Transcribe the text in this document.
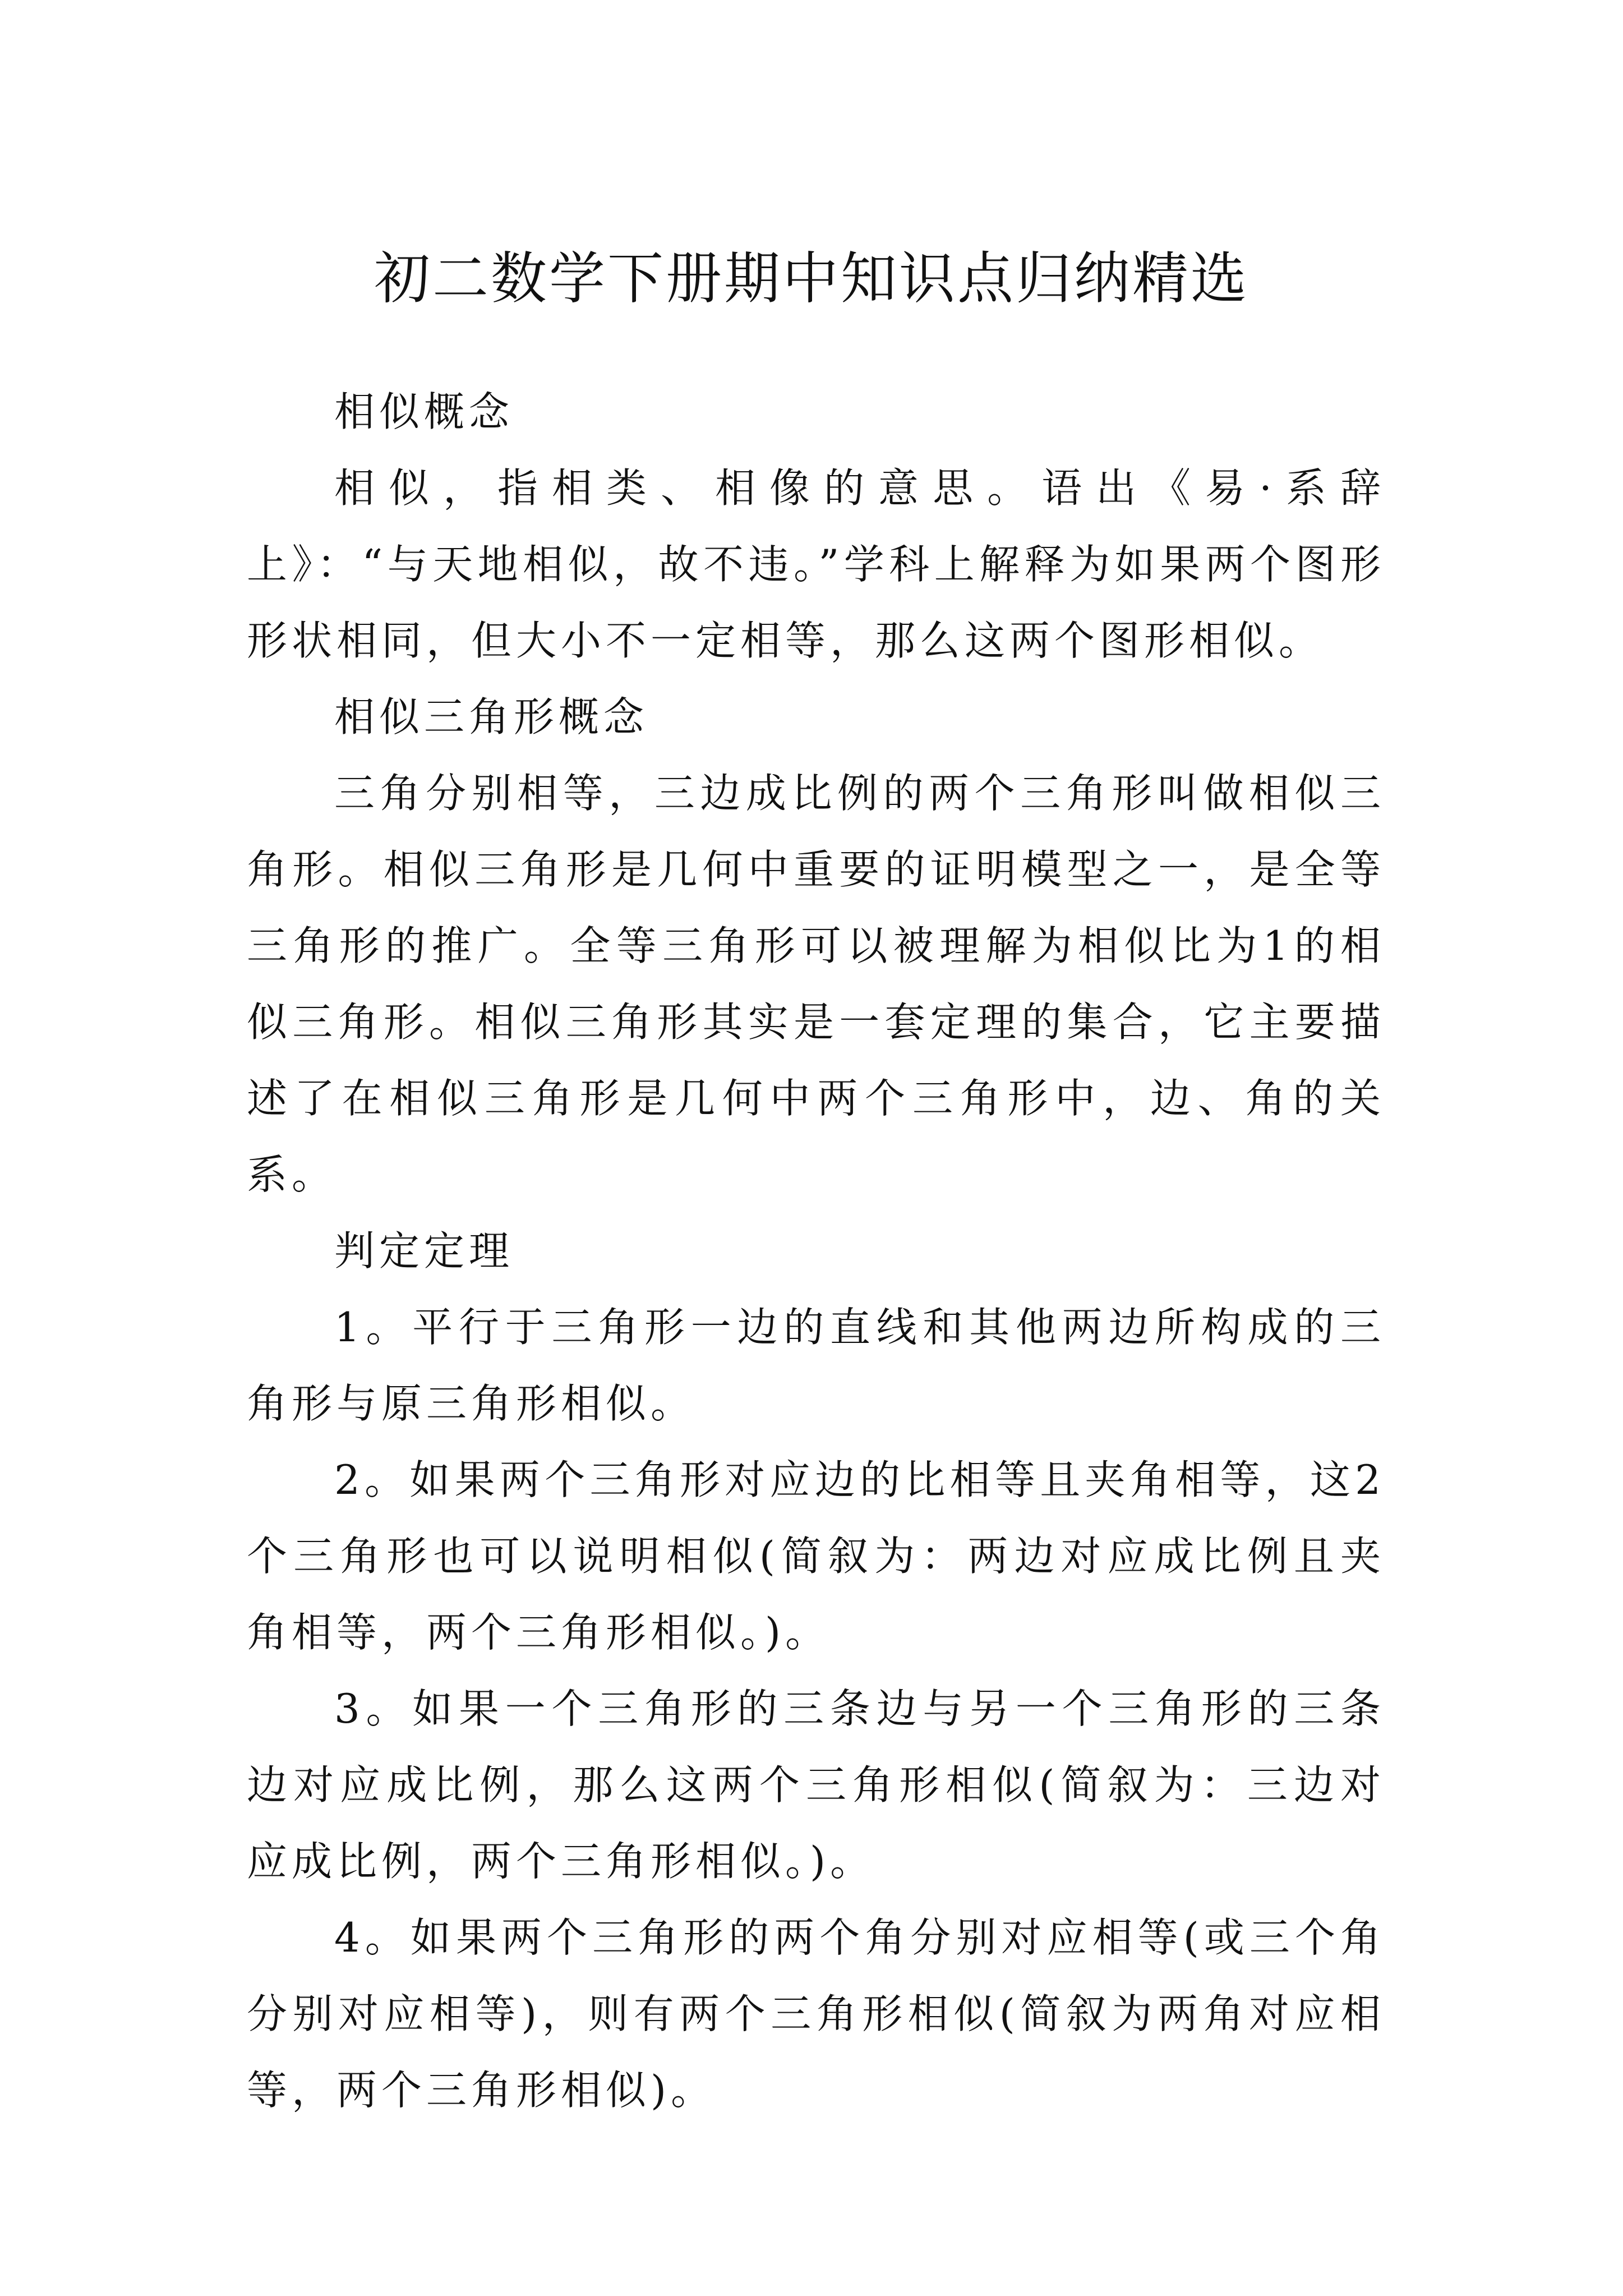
初二数学下册期中知识点归纳精选

相似概念

相似，指相类、相像的意思。语出《易·系辞上》：“与天地相似，故不违。”学科上解释为如果两个图形形状相同，但大小不一定相等，那么这两个图形相似。

相似三角形概念

三角分别相等，三边成比例的两个三角形叫做相似三角形。相似三角形是几何中重要的证明模型之一，是全等三角形的推广。全等三角形可以被理解为相似比为1的相似三角形。相似三角形其实是一套定理的集合，它主要描述了在相似三角形是几何中两个三角形中，边、角的关系。

判定定理

1。平行于三角形一边的直线和其他两边所构成的三角形与原三角形相似。

2。如果两个三角形对应边的比相等且夹角相等，这2个三角形也可以说明相似(简叙为：两边对应成比例且夹角相等，两个三角形相似。)。

3。如果一个三角形的三条边与另一个三角形的三条边对应成比例，那么这两个三角形相似(简叙为：三边对应成比例，两个三角形相似。)。

4。如果两个三角形的两个角分别对应相等(或三个角分别对应相等)，则有两个三角形相似(简叙为两角对应相等，两个三角形相似)。
